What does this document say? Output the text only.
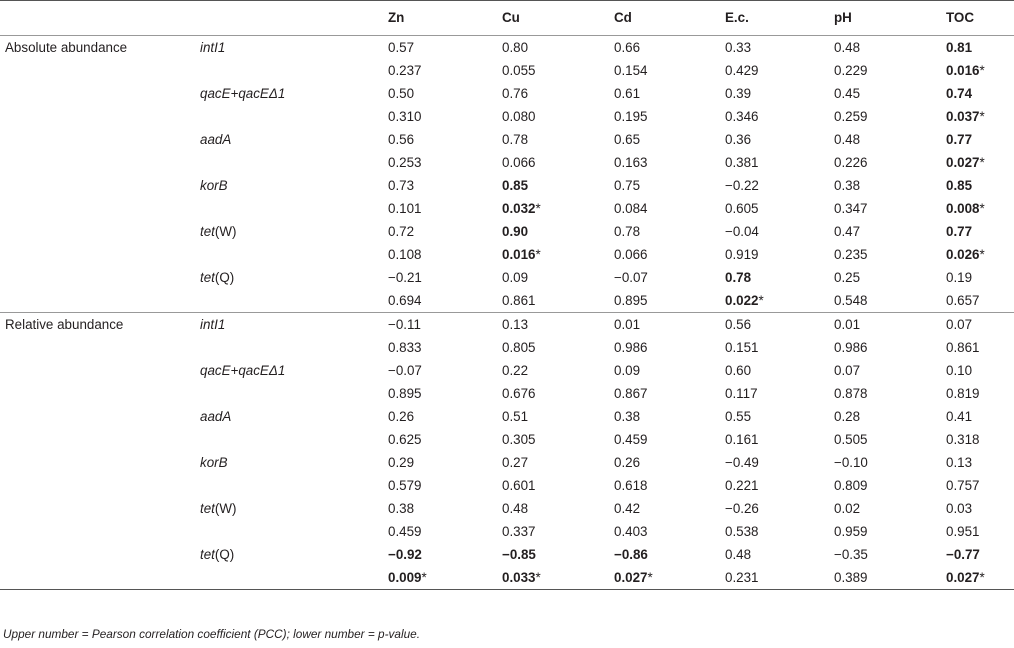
		Zn	Cu	Cd	E.c.	pH	TOC
Absolute abundance	intI1	0.57	0.80	0.66	0.33	0.48	0.81
		0.237	0.055	0.154	0.429	0.229	0.016*
	qacE+qacEΔ1	0.50	0.76	0.61	0.39	0.45	0.74
		0.310	0.080	0.195	0.346	0.259	0.037*
	aadA	0.56	0.78	0.65	0.36	0.48	0.77
		0.253	0.066	0.163	0.381	0.226	0.027*
	korB	0.73	0.85	0.75	−0.22	0.38	0.85
		0.101	0.032*	0.084	0.605	0.347	0.008*
	tet(W)	0.72	0.90	0.78	−0.04	0.47	0.77
		0.108	0.016*	0.066	0.919	0.235	0.026*
	tet(Q)	−0.21	0.09	−0.07	0.78	0.25	0.19
		0.694	0.861	0.895	0.022*	0.548	0.657
Relative abundance	intI1	−0.11	0.13	0.01	0.56	0.01	0.07
		0.833	0.805	0.986	0.151	0.986	0.861
	qacE+qacEΔ1	−0.07	0.22	0.09	0.60	0.07	0.10
		0.895	0.676	0.867	0.117	0.878	0.819
	aadA	0.26	0.51	0.38	0.55	0.28	0.41
		0.625	0.305	0.459	0.161	0.505	0.318
	korB	0.29	0.27	0.26	−0.49	−0.10	0.13
		0.579	0.601	0.618	0.221	0.809	0.757
	tet(W)	0.38	0.48	0.42	−0.26	0.02	0.03
		0.459	0.337	0.403	0.538	0.959	0.951
	tet(Q)	−0.92	−0.85	−0.86	0.48	−0.35	−0.77
		0.009*	0.033*	0.027*	0.231	0.389	0.027*
Upper number = Pearson correlation coefficient (PCC); lower number = p-value.
